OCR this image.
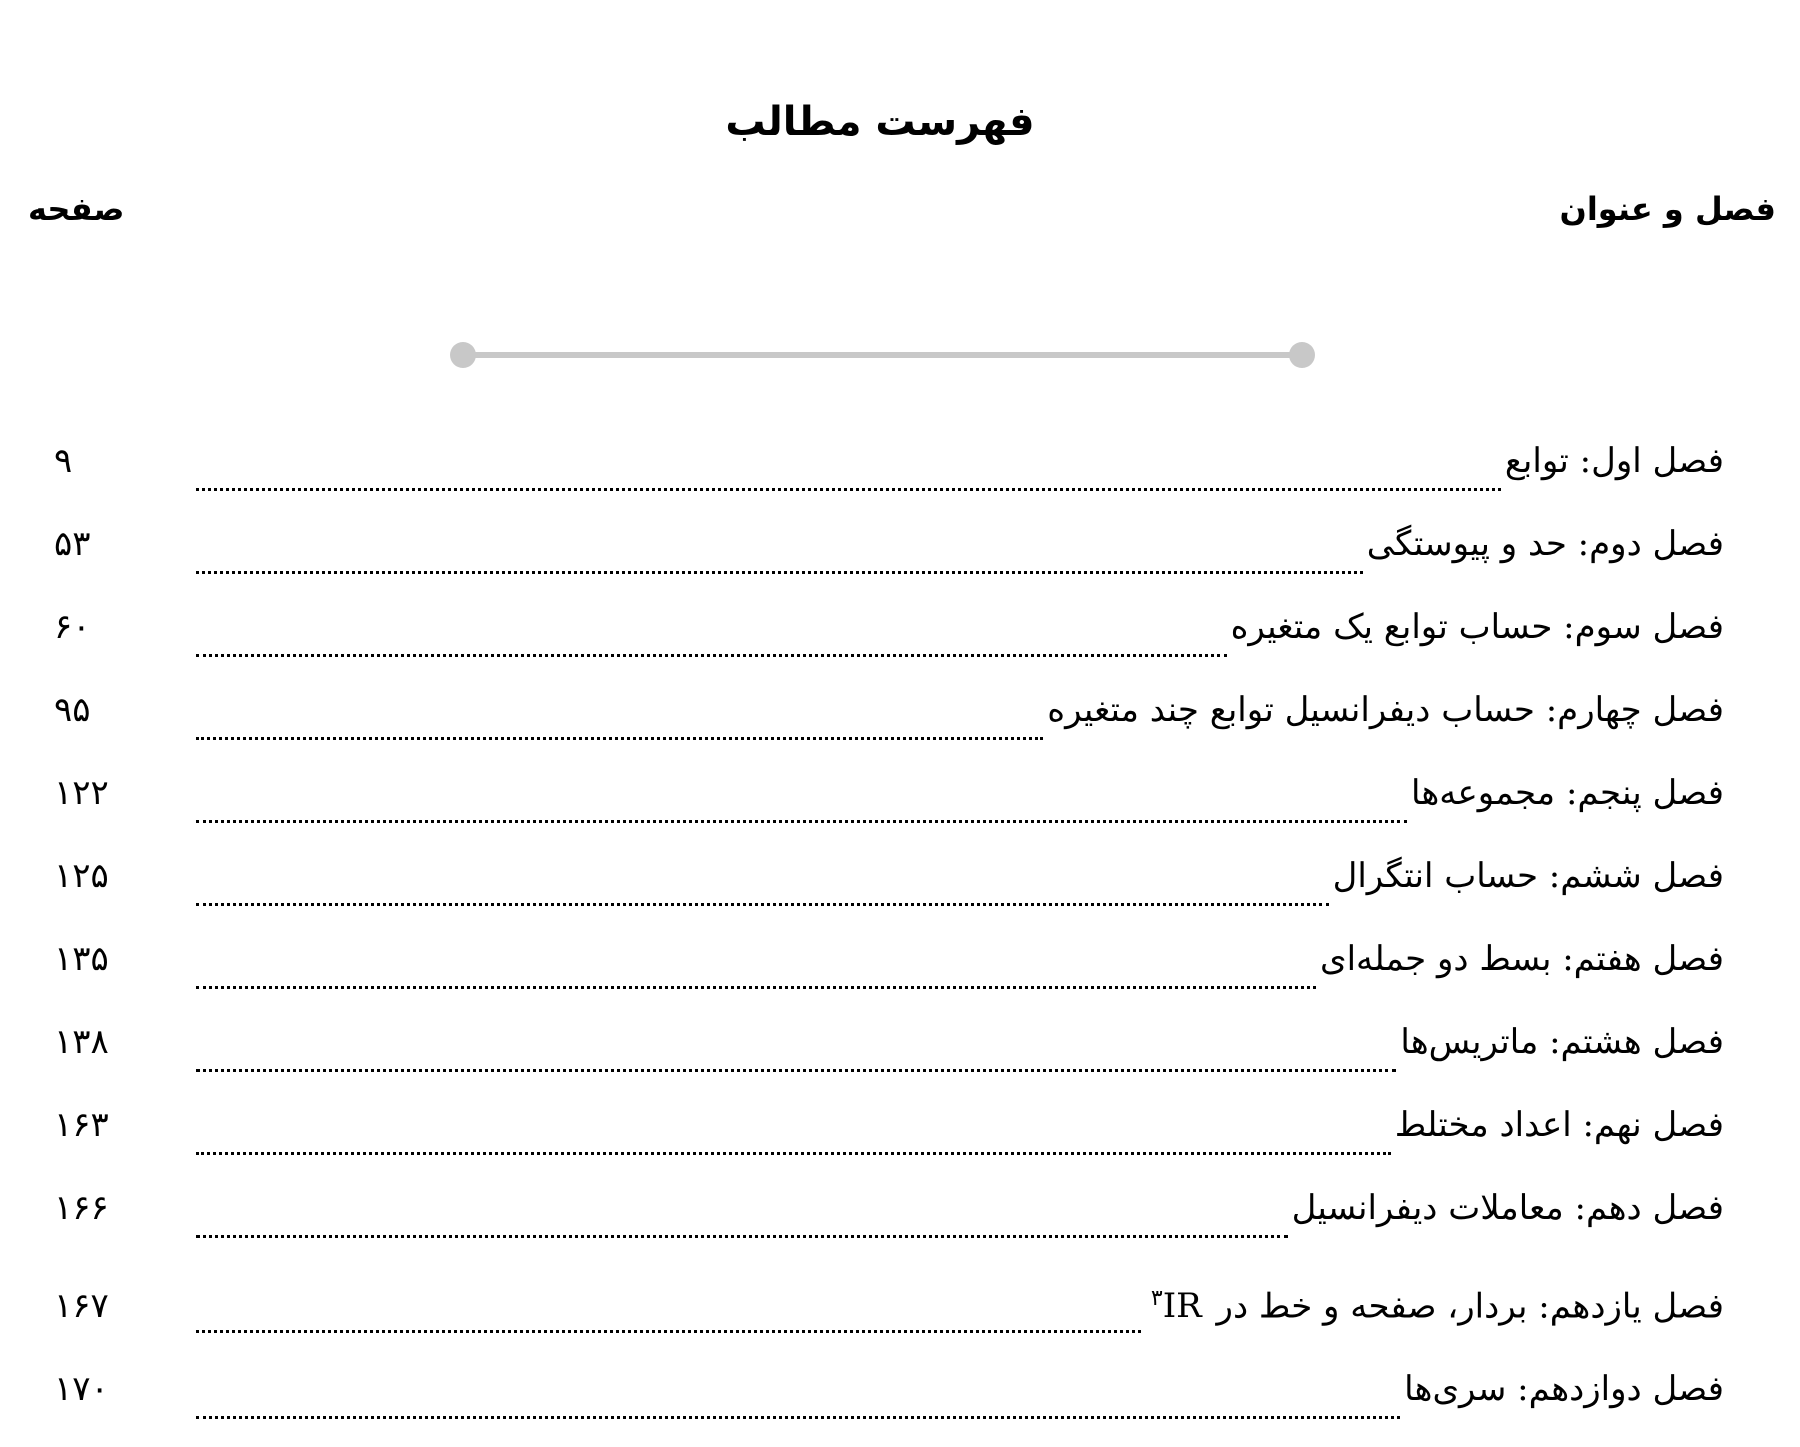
فهرست مطالب
فصل و عنوان
صفحه
فصل اول: توابع
۹
فصل دوم: حد و پیوستگی
۵۳
فصل سوم: حساب توابع یک متغیره
۶۰
فصل چهارم: حساب دیفرانسیل توابع چند متغیره
۹۵
فصل پنجم: مجموعه‌ها
۱۲۲
فصل ششم: حساب انتگرال
۱۲۵
فصل هفتم: بسط دو جمله‌ای
۱۳۵
فصل هشتم: ماتریس‌ها
۱۳۸
فصل نهم: اعداد مختلط
۱۶۳
فصل دهم: معاملات دیفرانسیل
۱۶۶
فصل یازدهم: بردار، صفحه و خط در $^۳$IR
۱۶۷
فصل دوازدهم: سری‌ها
۱۷۰
